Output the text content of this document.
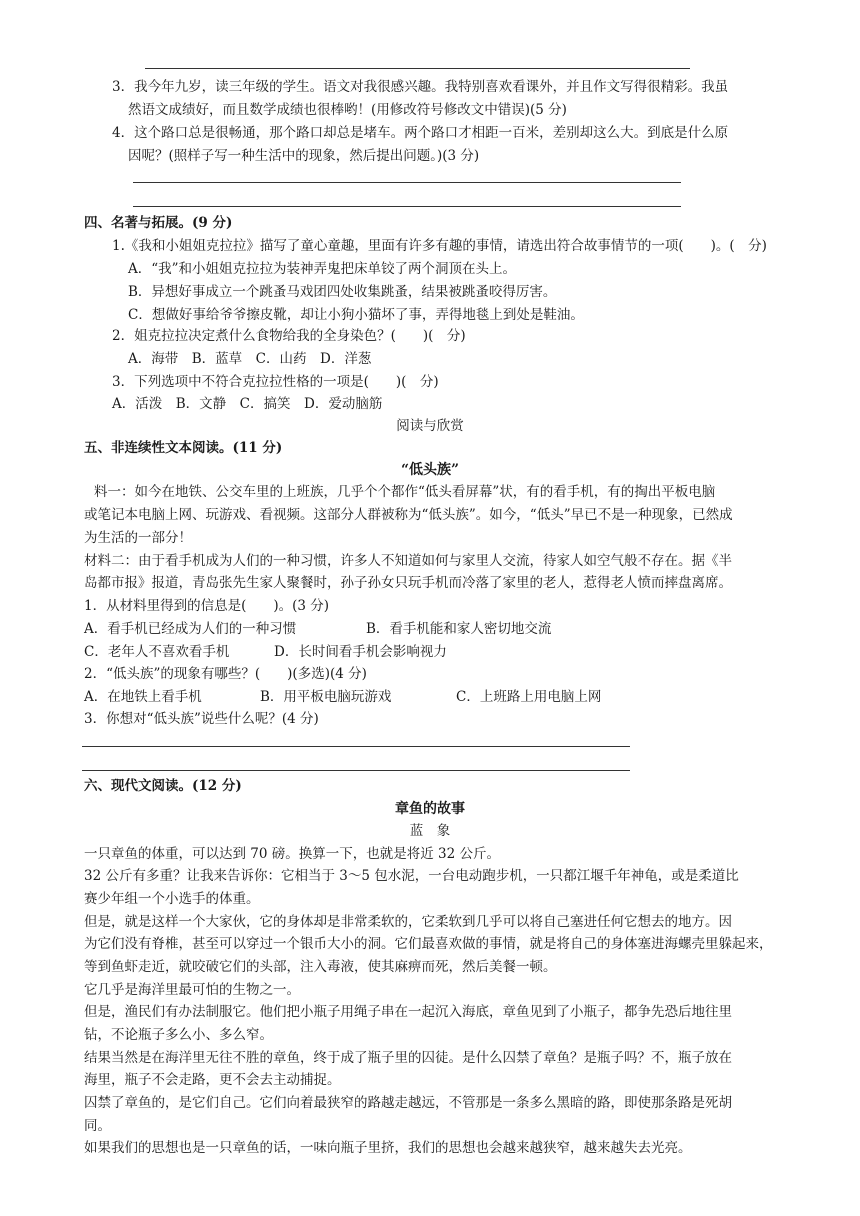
3．我今年九岁，读三年级的学生。语文对我很感兴趣。我特别喜欢看课外，并且作文写得很精彩。我虽
然语文成绩好，而且数学成绩也很棒哟！(用修改符号修改文中错误)(5 分)
4．这个路口总是很畅通，那个路口却总是堵车。两个路口才相距一百米，差别却这么大。到底是什么原
因呢？(照样子写一种生活中的现象，然后提出问题。)(3 分)
四、名著与拓展。(9 分)
1.《我和小姐姐克拉拉》描写了童心童趣，里面有许多有趣的事情，请选出符合故事情节的一项(　　)。(　分)
A．“我”和小姐姐克拉拉为装神弄鬼把床单铰了两个洞顶在头上。
B．异想好事成立一个跳蚤马戏团四处收集跳蚤，结果被跳蚤咬得厉害。
C．想做好事给爷爷擦皮靴，却让小狗小猫坏了事，弄得地毯上到处是鞋油。
2．姐克拉拉决定煮什么食物给我的全身染色？(　　)(　分)
A．海带　B．蓝草　C．山药　D．洋葱
3．下列选项中不符合克拉拉性格的一项是(　　)(　分)
A．活泼　B．文静　C．搞笑　D．爱动脑筋
阅读与欣赏
五、非连续性文本阅读。(11 分)
“低头族”
料一：如今在地铁、公交车里的上班族，几乎个个都作“低头看屏幕”状，有的看手机，有的掏出平板电脑
或笔记本电脑上网、玩游戏、看视频。这部分人群被称为“低头族”。如今，“低头”早已不是一种现象，已然成
为生活的一部分！
材料二：由于看手机成为人们的一种习惯，许多人不知道如何与家里人交流，待家人如空气般不存在。据《半
岛都市报》报道，青岛张先生家人聚餐时，孙子孙女只玩手机而冷落了家里的老人，惹得老人愤而摔盘离席。
1．从材料里得到的信息是(　　)。(3 分)
A．看手机已经成为人们的一种习惯	B．看手机能和家人密切地交流
C．老年人不喜欢看手机	D．长时间看手机会影响视力
2．“低头族”的现象有哪些？(　　)(多选)(4 分)
A．在地铁上看手机	B．用平板电脑玩游戏	C．上班路上用电脑上网
3．你想对“低头族”说些什么呢？(4 分)
六、现代文阅读。(12 分)
章鱼的故事
蓝　象
一只章鱼的体重，可以达到 70 磅。换算一下，也就是将近 32 公斤。
32 公斤有多重？让我来告诉你：它相当于 3～5 包水泥，一台电动跑步机，一只都江堰千年神龟，或是柔道比
赛少年组一个小选手的体重。
但是，就是这样一个大家伙，它的身体却是非常柔软的，它柔软到几乎可以将自己塞进任何它想去的地方。因
为它们没有脊椎，甚至可以穿过一个银币大小的洞。它们最喜欢做的事情，就是将自己的身体塞进海螺壳里躲起来，
等到鱼虾走近，就咬破它们的头部，注入毒液，使其麻痹而死，然后美餐一顿。
它几乎是海洋里最可怕的生物之一。
但是，渔民们有办法制服它。他们把小瓶子用绳子串在一起沉入海底，章鱼见到了小瓶子，都争先恐后地往里
钻，不论瓶子多么小、多么窄。
结果当然是在海洋里无往不胜的章鱼，终于成了瓶子里的囚徒。是什么囚禁了章鱼？是瓶子吗？不，瓶子放在
海里，瓶子不会走路，更不会去主动捕捉。
囚禁了章鱼的，是它们自己。它们向着最狭窄的路越走越远，不管那是一条多么黑暗的路，即使那条路是死胡
同。
如果我们的思想也是一只章鱼的话，一味向瓶子里挤，我们的思想也会越来越狭窄，越来越失去光亮。
